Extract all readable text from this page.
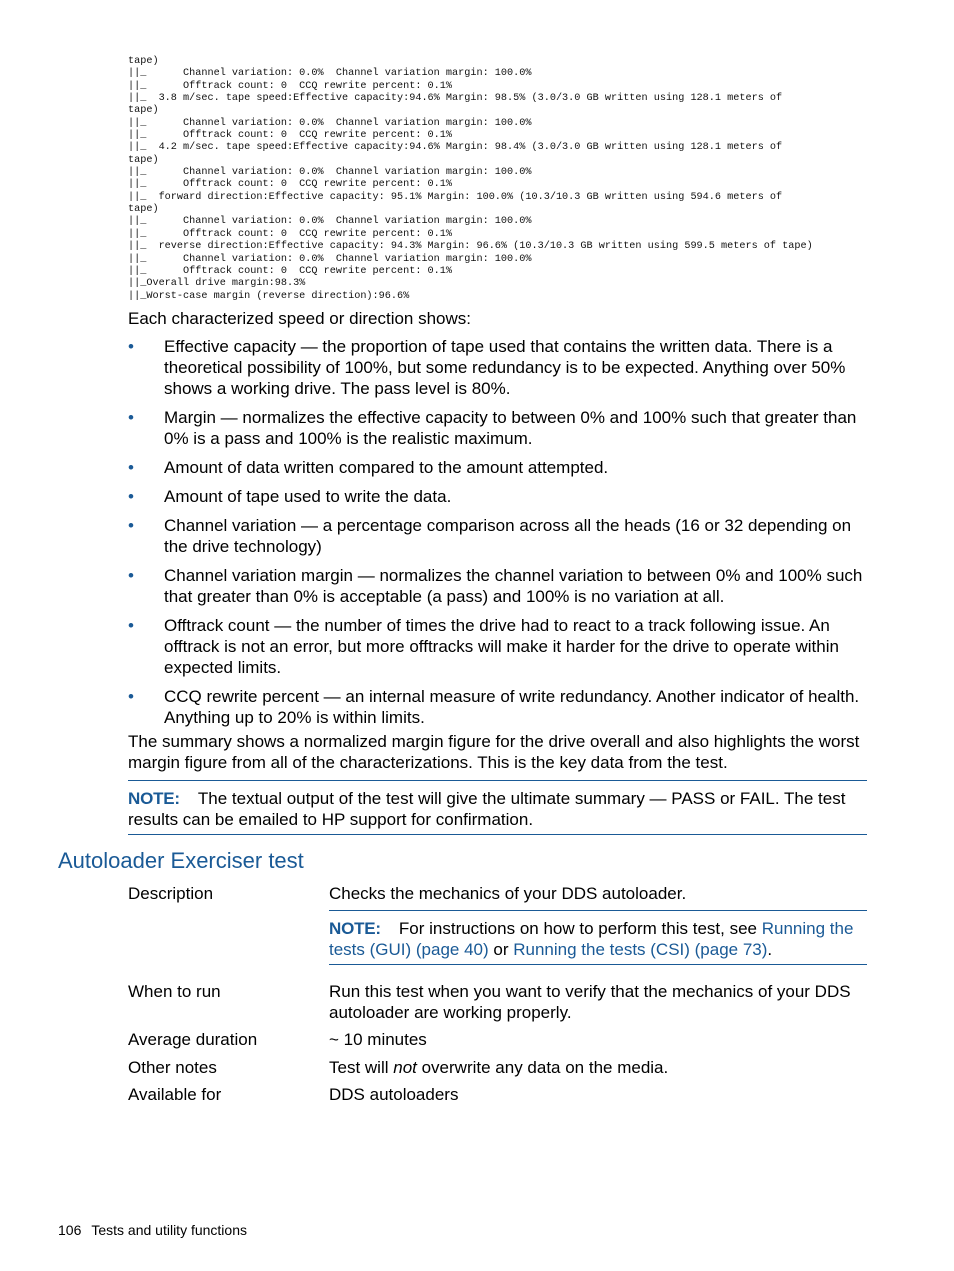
tape)
||_      Channel variation: 0.0%  Channel variation margin: 100.0%
||_      Offtrack count: 0  CCQ rewrite percent: 0.1%
||_  3.8 m/sec. tape speed:Effective capacity:94.6% Margin: 98.5% (3.0/3.0 GB written using 128.1 meters of
tape)
||_      Channel variation: 0.0%  Channel variation margin: 100.0%
||_      Offtrack count: 0  CCQ rewrite percent: 0.1%
||_  4.2 m/sec. tape speed:Effective capacity:94.6% Margin: 98.4% (3.0/3.0 GB written using 128.1 meters of
tape)
||_      Channel variation: 0.0%  Channel variation margin: 100.0%
||_      Offtrack count: 0  CCQ rewrite percent: 0.1%
||_  forward direction:Effective capacity: 95.1% Margin: 100.0% (10.3/10.3 GB written using 594.6 meters of
tape)
||_      Channel variation: 0.0%  Channel variation margin: 100.0%
||_      Offtrack count: 0  CCQ rewrite percent: 0.1%
||_  reverse direction:Effective capacity: 94.3% Margin: 96.6% (10.3/10.3 GB written using 599.5 meters of tape)
||_      Channel variation: 0.0%  Channel variation margin: 100.0%
||_      Offtrack count: 0  CCQ rewrite percent: 0.1%
||_Overall drive margin:98.3%
||_Worst-case margin (reverse direction):96.6%
Each characterized speed or direction shows:
• Effective capacity — the proportion of tape used that contains the written data. There is a theoretical possibility of 100%, but some redundancy is to be expected. Anything over 50% shows a working drive. The pass level is 80%.
• Margin — normalizes the effective capacity to between 0% and 100% such that greater than 0% is a pass and 100% is the realistic maximum.
• Amount of data written compared to the amount attempted.
• Amount of tape used to write the data.
• Channel variation — a percentage comparison across all the heads (16 or 32 depending on the drive technology)
• Channel variation margin — normalizes the channel variation to between 0% and 100% such that greater than 0% is acceptable (a pass) and 100% is no variation at all.
• Offtrack count — the number of times the drive had to react to a track following issue. An offtrack is not an error, but more offtracks will make it harder for the drive to operate within expected limits.
• CCQ rewrite percent — an internal measure of write redundancy. Another indicator of health. Anything up to 20% is within limits.
The summary shows a normalized margin figure for the drive overall and also highlights the worst margin figure from all of the characterizations. This is the key data from the test.
NOTE: The textual output of the test will give the ultimate summary — PASS or FAIL. The test results can be emailed to HP support for confirmation.
Autoloader Exerciser test
Description	Checks the mechanics of your DDS autoloader.
NOTE: For instructions on how to perform this test, see Running the tests (GUI) (page 40) or Running the tests (CSI) (page 73).
When to run	Run this test when you want to verify that the mechanics of your DDS autoloader are working properly.
Average duration	~ 10 minutes
Other notes	Test will not overwrite any data on the media.
Available for	DDS autoloaders
106 Tests and utility functions
